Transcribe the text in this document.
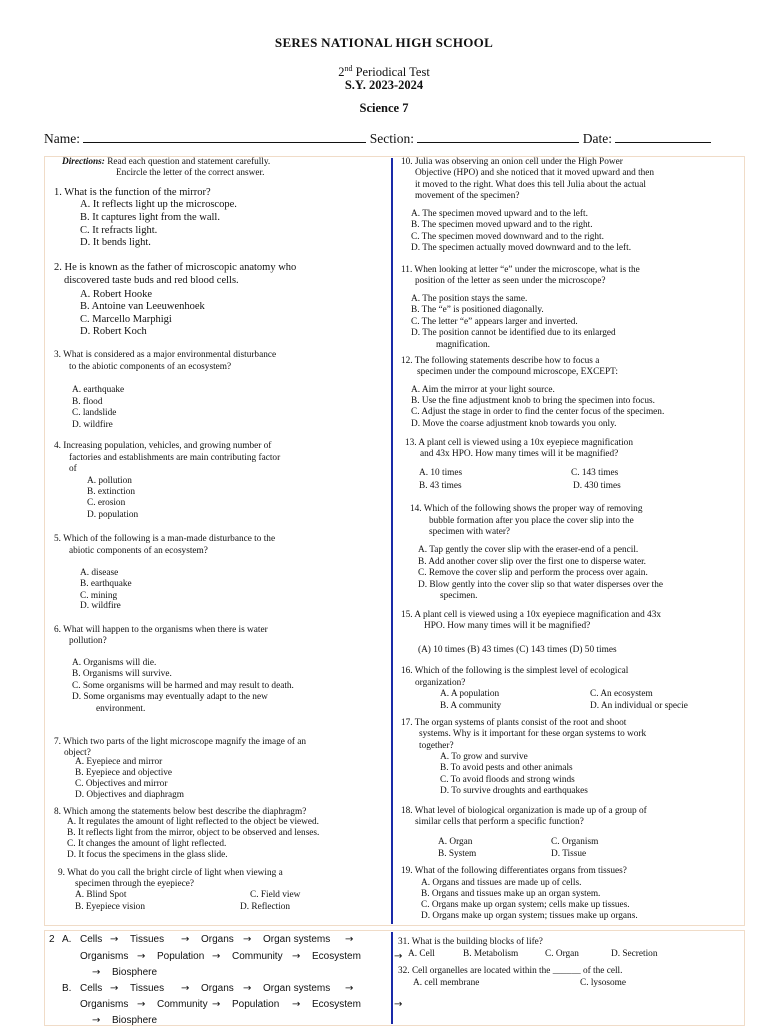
SERES NATIONAL HIGH SCHOOL
2nd Periodical Test
S.Y. 2023-2024
Science 7
Name:	Section:	Date:
Directions: Read each question and statement carefully.
Encircle the letter of the correct answer.
1. What is the function of the mirror?
A. It reflects light up the microscope.
B. It captures light from the wall.
C. It refracts light.
D. It bends light.
2. He is known as the father of microscopic anatomy who
discovered taste buds and red blood cells.
A. Robert Hooke
B. Antoine van Leeuwenhoek
C. Marcello Marphigi
D. Robert Koch
3. What is considered as a major environmental disturbance
to the abiotic components of an ecosystem?
A. earthquake
B. flood
C. landslide
D. wildfire
4. Increasing population, vehicles, and growing number of
factories and establishments are main contributing factor
of
A. pollution
B. extinction
C. erosion
D. population
5. Which of the following is a man-made disturbance to the
abiotic components of an ecosystem?
A. disease
B. earthquake
C. mining
D. wildfire
6. What will happen to the organisms when there is water
pollution?
A. Organisms will die.
B. Organisms will survive.
C. Some organisms will be harmed and may result to death.
D. Some organisms may eventually adapt to the new
environment.
7. Which two parts of the light microscope magnify the image of an
object?
A. Eyepiece and mirror
B. Eyepiece and objective
C. Objectives and mirror
D. Objectives and diaphragm
8. Which among the statements below best describe the diaphragm?
A. It regulates the amount of light reflected to the object be viewed.
B. It reflects light from the mirror, object to be observed and lenses.
C. It changes the amount of light reflected.
D. It focus the specimens in the glass slide.
9. What do you call the bright circle of light when viewing a
specimen through the eyepiece?
A. Blind Spot	C. Field view
B. Eyepiece vision	D. Reflection
10. Julia was observing an onion cell under the High Power
Objective (HPO) and she noticed that it moved upward and then
it moved to the right. What does this tell Julia about the actual
movement of the specimen?
A. The specimen moved upward and to the left.
B. The specimen moved upward and to the right.
C. The specimen moved downward and to the right.
D. The specimen actually moved downward and to the left.
11. When looking at letter “e” under the microscope, what is the
position of the letter as seen under the microscope?
A. The position stays the same.
B. The “e” is positioned diagonally.
C. The letter “e” appears larger and inverted.
D. The position cannot be identified due to its enlarged
magnification.
12. The following statements describe how to focus a
specimen under the compound microscope, EXCEPT:
A. Aim the mirror at your light source.
B. Use the fine adjustment knob to bring the specimen into focus.
C. Adjust the stage in order to find the center focus of the specimen.
D. Move the coarse adjustment knob towards you only.
13. A plant cell is viewed using a 10x eyepiece magnification
and 43x HPO. How many times will it be magnified?
A. 10 times	C. 143 times
B. 43 times	D. 430 times
14. Which of the following shows the proper way of removing
bubble formation after you place the cover slip into the
specimen with water?
A. Tap gently the cover slip with the eraser-end of a pencil.
B. Add another cover slip over the first one to disperse water.
C. Remove the cover slip and perform the process over again.
D. Blow gently into the cover slip so that water disperses over the
specimen.
15. A plant cell is viewed using a 10x eyepiece magnification and 43x
HPO. How many times will it be magnified?
(A) 10 times (B) 43 times (C) 143 times (D) 50 times
16. Which of the following is the simplest level of ecological
organization?
A. A population	C. An ecosystem
B. A community	D. An individual or specie
17. The organ systems of plants consist of the root and shoot
systems. Why is it important for these organ systems to work
together?
A. To grow and survive
B. To avoid pests and other animals
C. To avoid floods and strong winds
D. To survive droughts and earthquakes
18. What level of biological organization is made up of a group of
similar cells that perform a specific function?
A. Organ	C. Organism
B. System	D. Tissue
19. What of the following differentiates organs from tissues?
A. Organs and tissues are made up of cells.
B. Organs and tissues make up an organ system.
C. Organs make up organ system; cells make up tissues.
D. Organs make up organ system; tissues make up organs.
2 A. Cells → Tissues → Organs → Organ systems →
Organisms → Population → Community → Ecosystem	→
→ Biosphere
B. Cells → Tissues → Organs → Organ systems →
Organisms → Community → Population → Ecosystem	→
→ Biosphere
31. What is the building blocks of life?
A. Cell	B. Metabolism	C. Organ	D. Secretion
32. Cell organelles are located within the ______ of the cell.
A. cell membrane	C. lysosome
